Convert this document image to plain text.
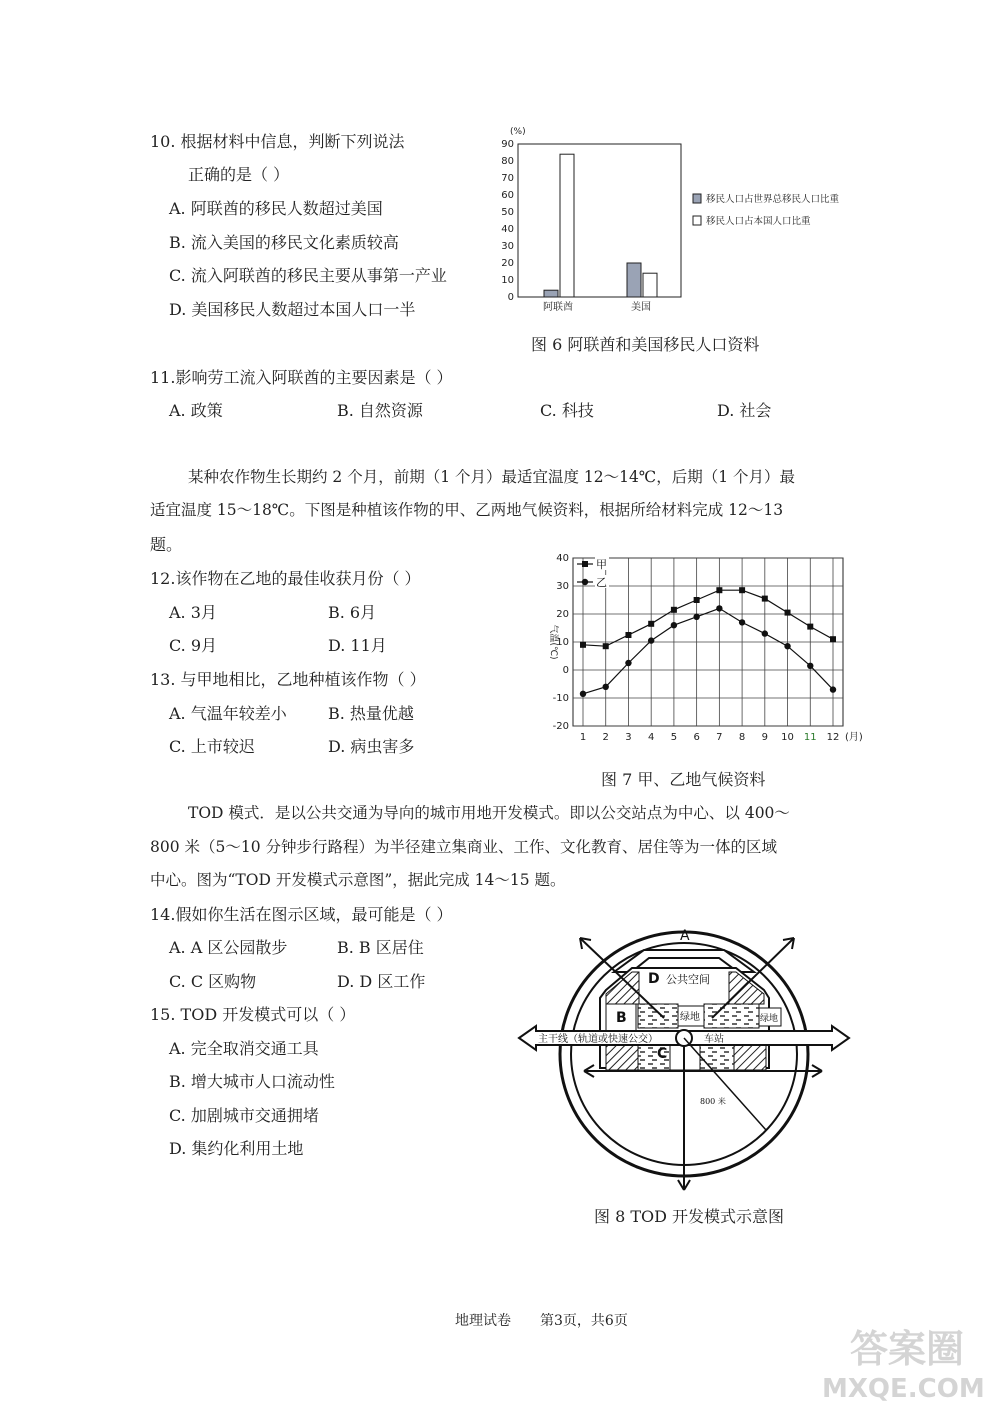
10. 根据材料中信息，判断下列说法
正确的是（ ）
A. 阿联酋的移民人数超过美国
B. 流入美国的移民文化素质较高
C. 流入阿联酋的移民主要从事第一产业
D. 美国移民人数超过本国人口一半
(%)
0
10
20
30
40
50
60
70
80
90
阿联酋	美国
移民人口占世界总移民人口比重
移民人口占本国人口比重
图 6 阿联酋和美国移民人口资料
11.影响劳工流入阿联酋的主要因素是（ ）
A. 政策	B. 自然资源	C. 科技	D. 社会
某种农作物生长期约 2 个月，前期（1 个月）最适宜温度 12～14℃，后期（1 个月）最
适宜温度 15～18℃。下图是种植该作物的甲、乙两地气候资料，根据所给材料完成 12～13
题。
12.该作物在乙地的最佳收获月份（ ）
A. 3月	B. 6月
C. 9月	D. 11月
13. 与甲地相比，乙地种植该作物（ ）
A. 气温年较差小	B. 热量优越
C. 上市较迟	D. 病虫害多
-20
-10
0
10
20
30
40
1 2 3 4 5 6 7 8 9 10 11 12 (月)
气温(℃)
甲
乙
图 7 甲、乙地气候资料
TOD 模式．是以公共交通为导向的城市用地开发模式。即以公交站点为中心、以 400～
800 米（5～10 分钟步行路程）为半径建立集商业、工作、文化教育、居住等为一体的区域
中心。图为“TOD 开发模式示意图”，据此完成 14～15 题。
14.假如你生活在图示区域，最可能是（ ）
A. A 区公园散步	B. B 区居住
C. C 区购物	D. D 区工作
15. TOD 开发模式可以（ ）
A. 完全取消交通工具
B. 增大城市人口流动性
C. 加剧城市交通拥堵
D. 集约化利用土地
A
D 公共空间
B	绿地	绿地
主干线（轨道或快速公交）	车站
C
800 米
图 8 TOD 开发模式示意图
地理试卷 第3页，共6页
答案圈
MXQE.COM
